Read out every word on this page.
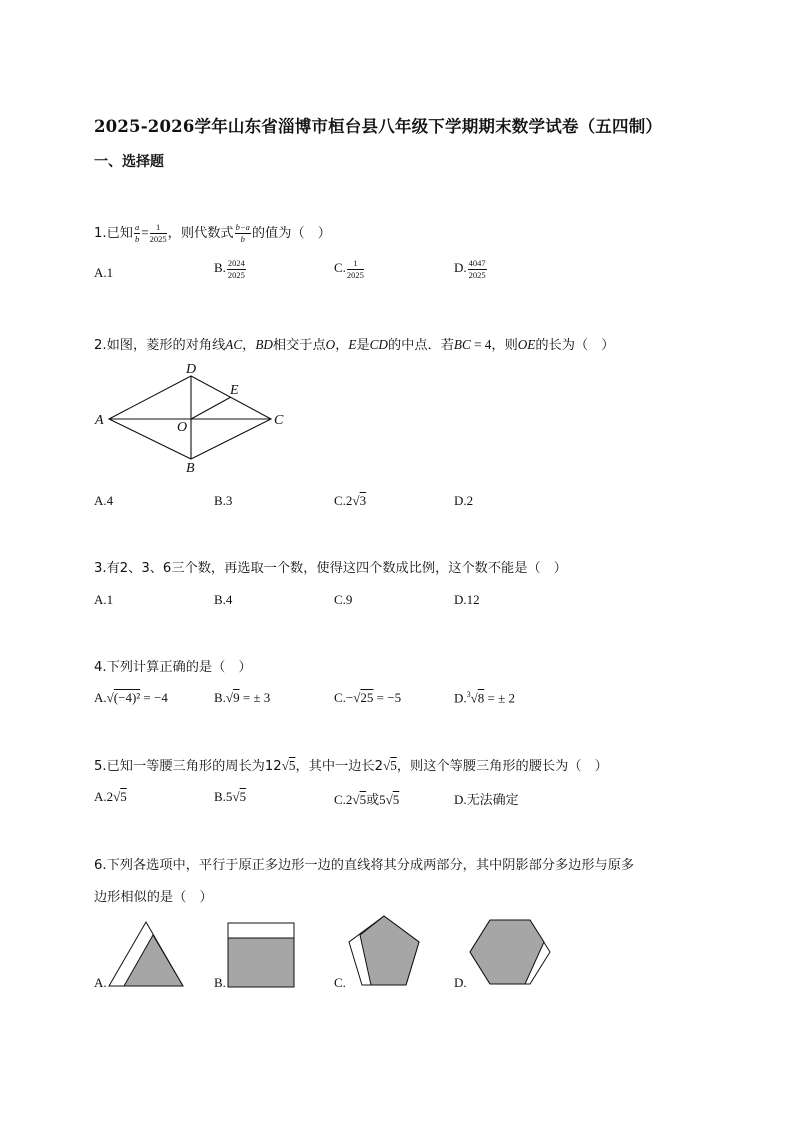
2025-2026学年山东省淄博市桓台县八年级下学期期末数学试卷（五四制）
一、选择题
1.已知 $\frac{a}{b} = \frac{1}{2025}$ ，则代数式 $\frac{b-a}{b}$ 的值为（　）
A.1	B. $\frac{2024}{2025}$	C. $\frac{1}{2025}$	D. $\frac{4047}{2025}$
2.如图，菱形的对角线AC，BD相交于点O，E是CD的中点．若BC = 4，则OE的长为（　）
A
D
E
C
O
B
A.4	B.3	C.2√3	D.2
3.有2、3、6三个数，再选取一个数，使得这四个数成比例，这个数不能是（　）
A.1	B.4	C.9	D.12
4.下列计算正确的是（　）
A.√(−4)² = −4	B.√9 = ± 3	C.−√25 = −5	D.$^3$√8 = ± 2
5.已知一等腰三角形的周长为12√5，其中一边长2√5，则这个等腰三角形的腰长为（　）
A.2√5	B.5√5	C.2√5或5√5	D.无法确定
6.下列各选项中，平行于原正多边形一边的直线将其分成两部分，其中阴影部分多边形与原多
边形相似的是（　）
A.	B.	C.	D.
